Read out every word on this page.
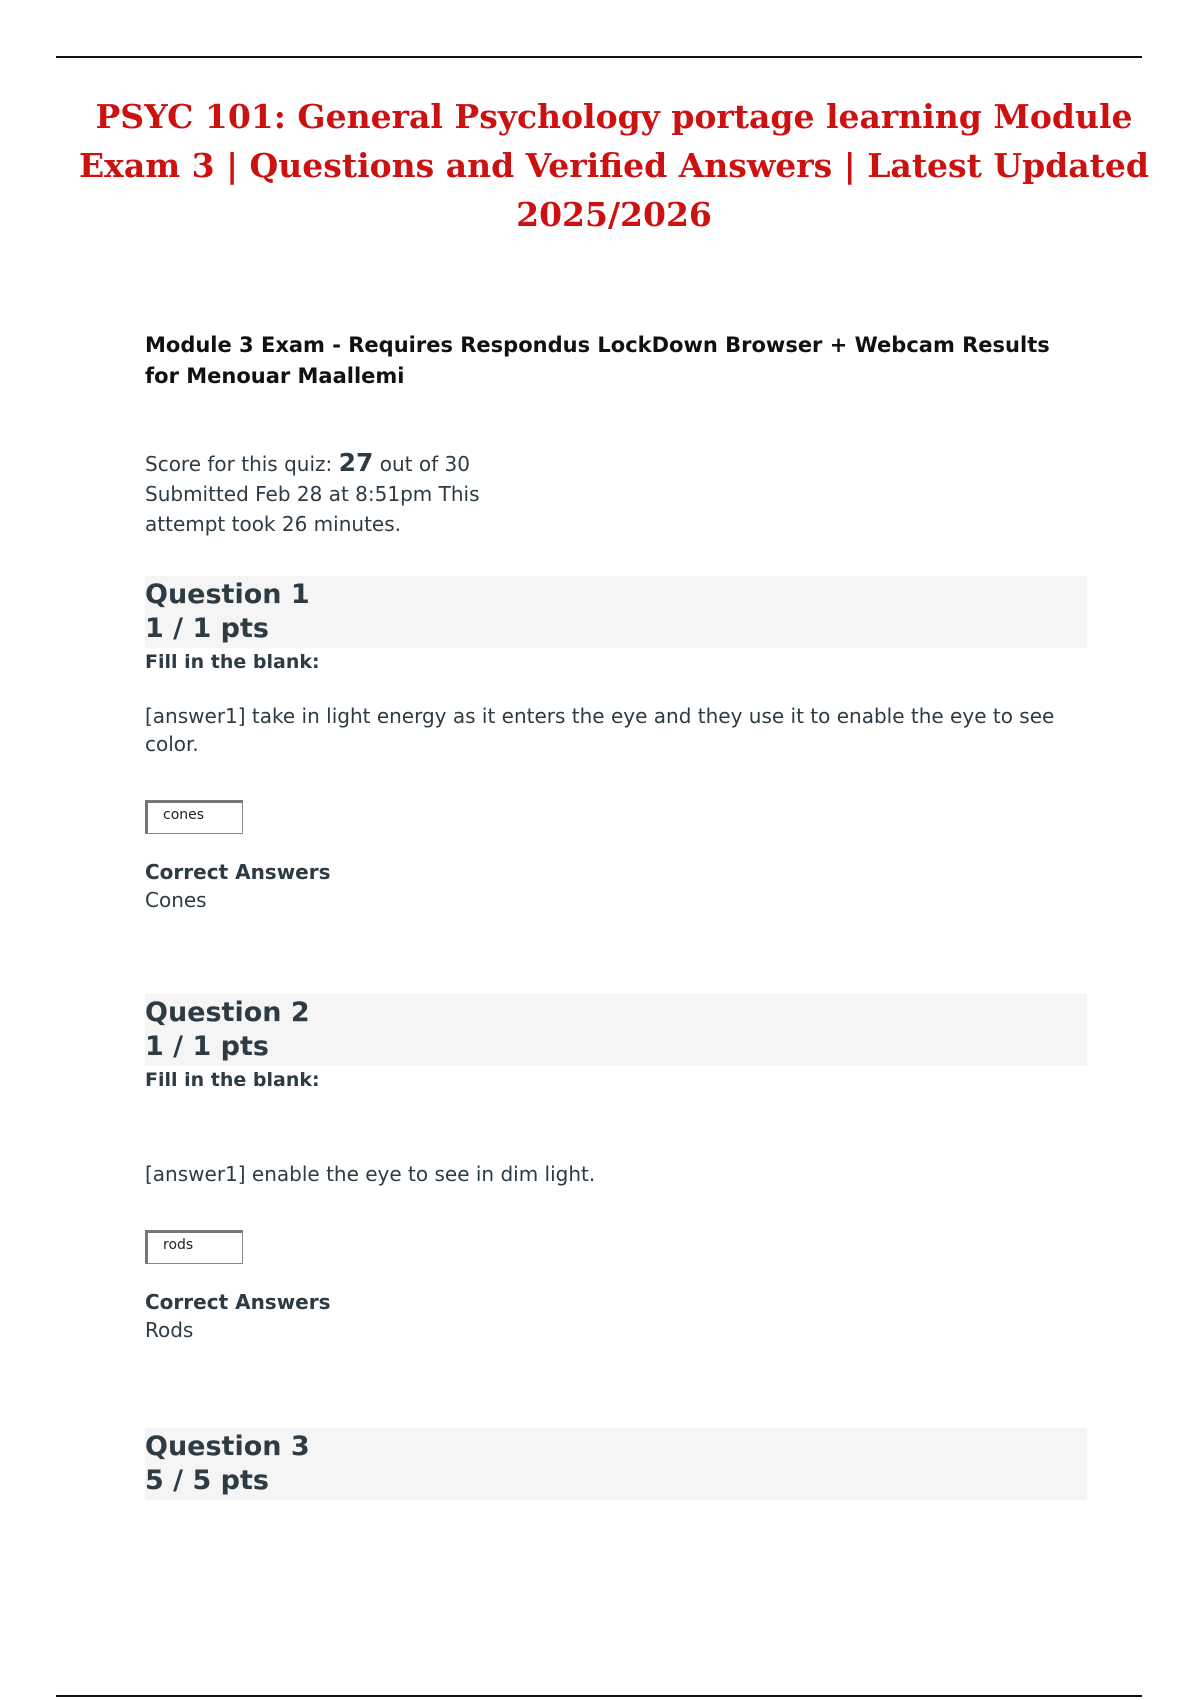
PSYC 101: General Psychology portage learning Module Exam 3 | Questions and Verified Answers | Latest Updated 2025/2026
Module 3 Exam - Requires Respondus LockDown Browser + Webcam Results for Menouar Maallemi
Score for this quiz: 27 out of 30
Submitted Feb 28 at 8:51pm This
attempt took 26 minutes.
Question 1
1 / 1 pts
Fill in the blank:
[answer1] take in light energy as it enters the eye and they use it to enable the eye to see color.
cones
Correct Answers
Cones
Question 2
1 / 1 pts
Fill in the blank:
[answer1] enable the eye to see in dim light.
rods
Correct Answers
Rods
Question 3
5 / 5 pts
